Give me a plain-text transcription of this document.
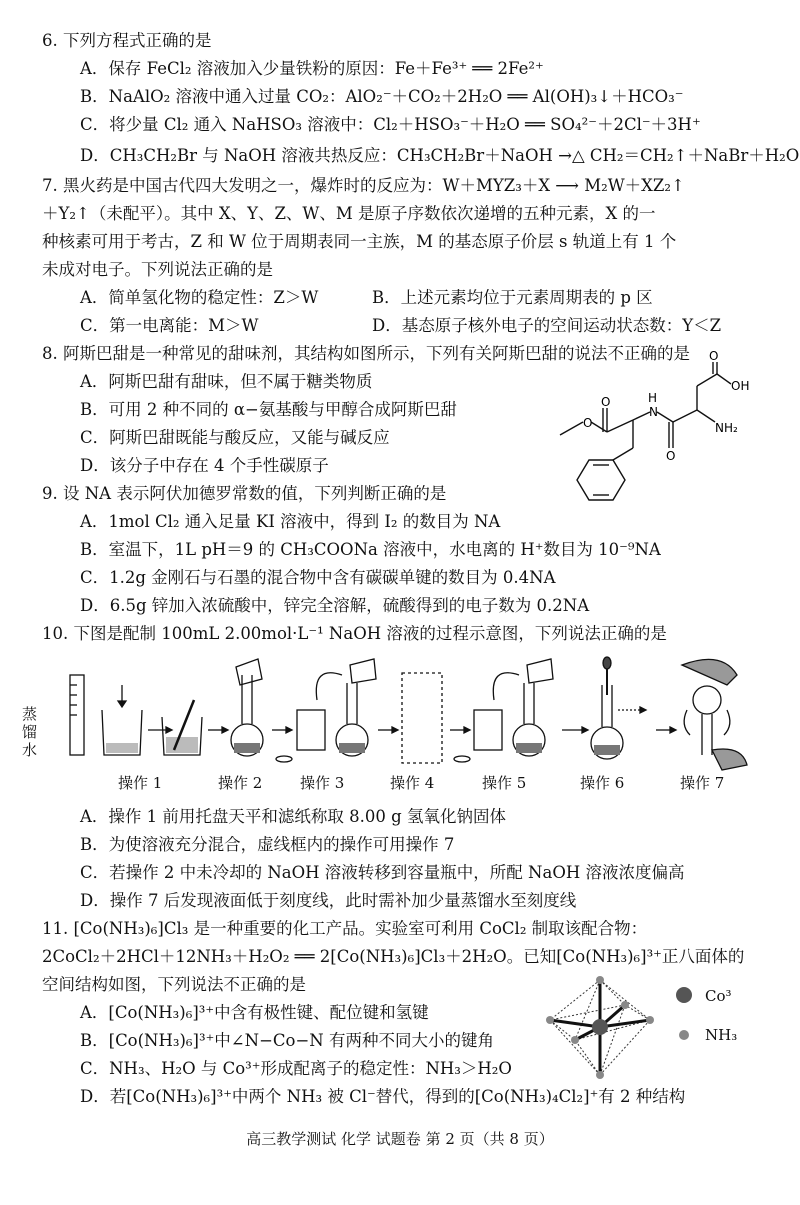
6. 下列方程式正确的是
A．保存 FeCl₂ 溶液加入少量铁粉的原因：Fe＋Fe³⁺ ══ 2Fe²⁺
B．NaAlO₂ 溶液中通入过量 CO₂：AlO₂⁻＋CO₂＋2H₂O ══ Al(OH)₃↓＋HCO₃⁻
C．将少量 Cl₂ 通入 NaHSO₃ 溶液中：Cl₂＋HSO₃⁻＋H₂O ══ SO₄²⁻＋2Cl⁻＋3H⁺
D．CH₃CH₂Br 与 NaOH 溶液共热反应：CH₃CH₂Br＋NaOH →△ CH₂＝CH₂↑＋NaBr＋H₂O
7. 黑火药是中国古代四大发明之一，爆炸时的反应为：W＋MYZ₃＋X ⟶ M₂W＋XZ₂↑
＋Y₂↑（未配平）。其中 X、Y、Z、W、M 是原子序数依次递增的五种元素，X 的一
种核素可用于考古，Z 和 W 位于周期表同一主族，M 的基态原子价层 s 轨道上有 1 个
未成对电子。下列说法正确的是
A．简单氢化物的稳定性：Z＞W	B．上述元素均位于元素周期表的 p 区
C．第一电离能：M＞W	D．基态原子核外电子的空间运动状态数：Y＜Z
8. 阿斯巴甜是一种常见的甜味剂，其结构如图所示，下列有关阿斯巴甜的说法不正确的是
A．阿斯巴甜有甜味，但不属于糖类物质
B．可用 2 种不同的 α−氨基酸与甲醇合成阿斯巴甜
C．阿斯巴甜既能与酸反应，又能与碱反应
D．该分子中存在 4 个手性碳原子
O
O
N
H
O
O
OH
NH₂
9. 设 NA 表示阿伏加德罗常数的值，下列判断正确的是
A．1mol Cl₂ 通入足量 KI 溶液中，得到 I₂ 的数目为 NA
B．室温下，1L pH＝9 的 CH₃COONa 溶液中，水电离的 H⁺数目为 10⁻⁹NA
C．1.2g 金刚石与石墨的混合物中含有碳碳单键的数目为 0.4NA
D．6.5g 锌加入浓硫酸中，锌完全溶解，硫酸得到的电子数为 0.2NA
10. 下图是配制 100mL 2.00mol·L⁻¹ NaOH 溶液的过程示意图，下列说法正确的是
蒸
馏
水
操作 1	操作 2	操作 3	操作 4	操作 5	操作 6	操作 7
A．操作 1 前用托盘天平和滤纸称取 8.00 g 氢氧化钠固体
B．为使溶液充分混合，虚线框内的操作可用操作 7
C．若操作 2 中未冷却的 NaOH 溶液转移到容量瓶中，所配 NaOH 溶液浓度偏高
D．操作 7 后发现液面低于刻度线，此时需补加少量蒸馏水至刻度线
11. [Co(NH₃)₆]Cl₃ 是一种重要的化工产品。实验室可利用 CoCl₂ 制取该配合物：
2CoCl₂＋2HCl＋12NH₃＋H₂O₂ ══ 2[Co(NH₃)₆]Cl₃＋2H₂O。已知[Co(NH₃)₆]³⁺正八面体的
空间结构如图，下列说法不正确的是
A．[Co(NH₃)₆]³⁺中含有极性键、配位键和氢键
B．[Co(NH₃)₆]³⁺中∠N−Co−N 有两种不同大小的键角
C．NH₃、H₂O 与 Co³⁺形成配离子的稳定性：NH₃＞H₂O
D．若[Co(NH₃)₆]³⁺中两个 NH₃ 被 Cl⁻替代，得到的[Co(NH₃)₄Cl₂]⁺有 2 种结构
Co³
NH₃
高三教学测试 化学 试题卷 第 2 页（共 8 页）
